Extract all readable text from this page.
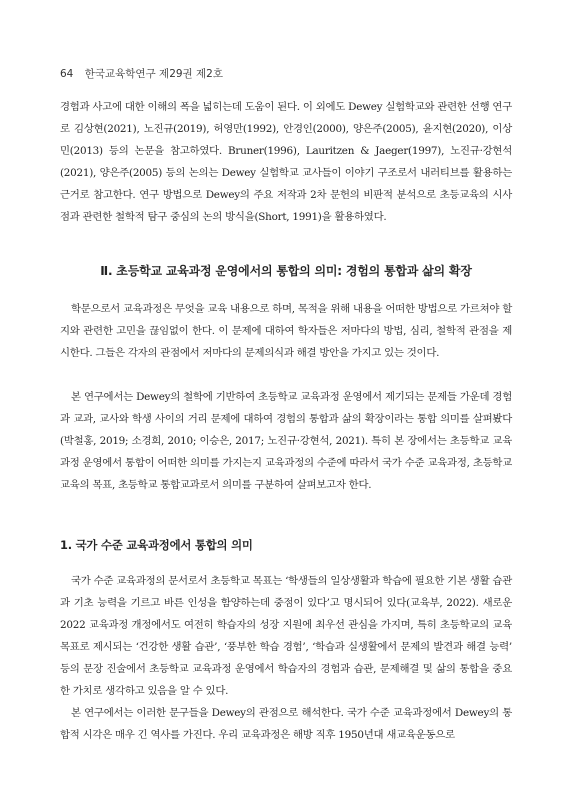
64 한국교육학연구 제29권 제2호

경험과 사고에 대한 이해의 폭을 넓히는데 도움이 된다. 이 외에도 Dewey 실험학교와 관련한 선행 연구로 김상현(2021), 노진규(2019), 허영만(1992), 안경인(2000), 양은주(2005), 윤지현(2020), 이상민(2013) 등의 논문을 참고하였다. Bruner(1996), Lauritzen & Jaeger(1997), 노진규·강현석(2021), 양은주(2005) 등의 논의는 Dewey 실험학교 교사들이 이야기 구조로서 내러티브를 활용하는 근거로 참고한다. 연구 방법으로 Dewey의 주요 저작과 2차 문헌의 비판적 분석으로 초등교육의 시사점과 관련한 철학적 탐구 중심의 논의 방식을(Short, 1991)을 활용하였다.

Ⅱ. 초등학교 교육과정 운영에서의 통합의 의미: 경험의 통합과 삶의 확장

학문으로서 교육과정은 무엇을 교육 내용으로 하며, 목적을 위해 내용을 어떠한 방법으로 가르쳐야 할지와 관련한 고민을 끊임없이 한다. 이 문제에 대하여 학자들은 저마다의 방법, 심리, 철학적 관점을 제시한다. 그들은 각자의 관점에서 저마다의 문제의식과 해결 방안을 가지고 있는 것이다.

본 연구에서는 Dewey의 철학에 기반하여 초등학교 교육과정 운영에서 제기되는 문제들 가운데 경험과 교과, 교사와 학생 사이의 거리 문제에 대하여 경험의 통합과 삶의 확장이라는 통합 의미를 살펴봤다(박철홍, 2019; 소경희, 2010; 이승은, 2017; 노진규·강현석, 2021). 특히 본 장에서는 초등학교 교육과정 운영에서 통합이 어떠한 의미를 가지는지 교육과정의 수준에 따라서 국가 수준 교육과정, 초등학교 교육의 목표, 초등학교 통합교과로서 의미를 구분하여 살펴보고자 한다.

1. 국가 수준 교육과정에서 통합의 의미

국가 수준 교육과정의 문서로서 초등학교 목표는 ‘학생들의 일상생활과 학습에 필요한 기본 생활 습관과 기초 능력을 기르고 바른 인성을 함양하는데 중점이 있다’고 명시되어 있다(교육부, 2022). 새로운 2022 교육과정 개정에서도 여전히 학습자의 성장 지원에 최우선 관심을 가지며, 특히 초등학교의 교육 목표로 제시되는 ‘건강한 생활 습관’, ‘풍부한 학습 경험’, ‘학습과 실생활에서 문제의 발견과 해결 능력’ 등의 문장 진술에서 초등학교 교육과정 운영에서 학습자의 경험과 습관, 문제해결 및 삶의 통합을 중요한 가치로 생각하고 있음을 알 수 있다.

본 연구에서는 이러한 문구들을 Dewey의 관점으로 해석한다. 국가 수준 교육과정에서 Dewey의 통합적 시각은 매우 긴 역사를 가진다. 우리 교육과정은 해방 직후 1950년대 새교육운동으로
